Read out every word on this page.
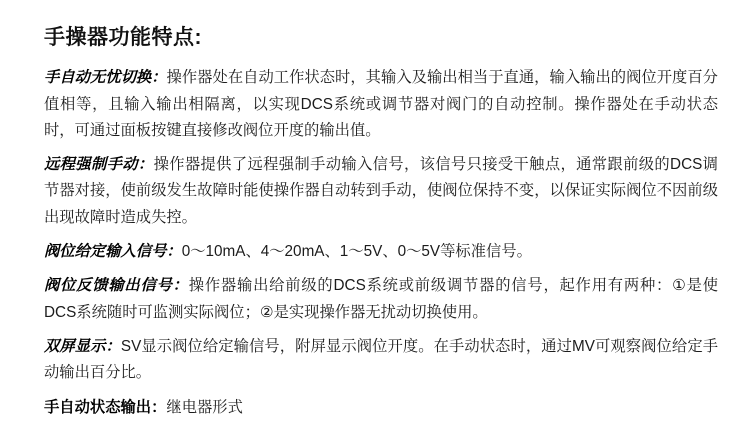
手操器功能特点:

手自动无忧切换：操作器处在自动工作状态时，其输入及输出相当于直通，输入输出的阀位开度百分值相等，且输入输出相隔离，以实现DCS系统或调节器对阀门的自动控制。操作器处在手动状态时，可通过面板按键直接修改阀位开度的输出值。

远程强制手动：操作器提供了远程强制手动输入信号，该信号只接受干触点，通常跟前级的DCS调节器对接，使前级发生故障时能使操作器自动转到手动，使阀位保持不变，以保证实际阀位不因前级出现故障时造成失控。

阀位给定输入信号：0～10mA、4～20mA、1～5V、0～5V等标准信号。

阀位反馈输出信号：操作器输出给前级的DCS系统或前级调节器的信号，起作用有两种：①是使DCS系统随时可监测实际阀位；②是实现操作器无扰动切换使用。

双屏显示：SV显示阀位给定输信号，附屏显示阀位开度。在手动状态时，通过MV可观察阀位给定手动输出百分比。

手自动状态输出：继电器形式
